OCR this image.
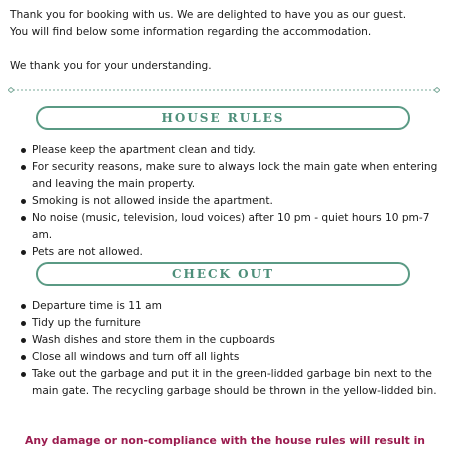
Thank you for booking with us. We are delighted to have you as our guest.

You will find below some information regarding the accommodation.

We thank you for your understanding.

HOUSE RULES
Please keep the apartment clean and tidy.
For security reasons, make sure to always lock the main gate when entering and leaving the main property.
Smoking is not allowed inside the apartment.
No noise (music, television, loud voices) after 10 pm - quiet hours 10 pm-7 am.
Pets are not allowed.
CHECK OUT
Departure time is 11 am
Tidy up the furniture
Wash dishes and store them in the cupboards
Close all windows and turn off all lights
Take out the garbage and put it in the green-lidded garbage bin next to the main gate. The recycling garbage should be thrown in the yellow-lidded bin.
Any damage or non-compliance with the house rules will result in
